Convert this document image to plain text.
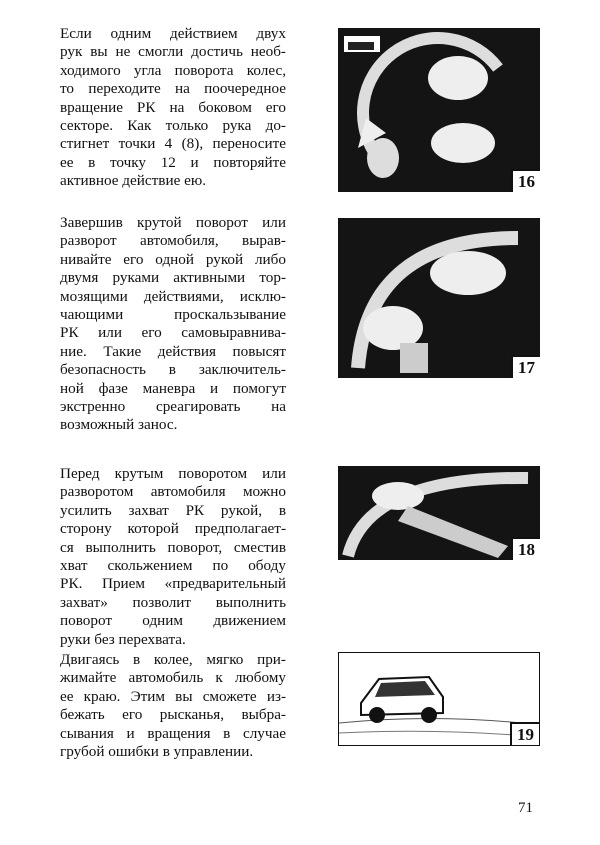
Если одним действием двух
рук вы не смогли достичь необ-
ходимого угла поворота колес,
то переходите на поочередное
вращение РК на боковом его
секторе. Как только рука до-
стигнет точки 4 (8), переносите
ее в точку 12 и повторяйте
активное действие ею.
Завершив крутой поворот или
разворот автомобиля, вырав-
нивайте его одной рукой либо
двумя руками активными тор-
мозящими действиями, исклю-
чающими проскальзывание
РК или его самовыравнива-
ние. Такие действия повысят
безопасность в заключитель-
ной фазе маневра и помогут
экстренно среагировать на
возможный занос.
Перед крутым поворотом или
разворотом автомобиля можно
усилить захват РК рукой, в
сторону которой предполагает-
ся выполнить поворот, сместив
хват скольжением по ободу
РК. Прием «предварительный
захват» позволит выполнить
поворот одним движением
руки без перехвата.
Двигаясь в колее, мягко при-
жимайте автомобиль к любому
ее краю. Этим вы сможете из-
бежать его рысканья, выбра-
сывания и вращения в случае
грубой ошибки в управлении.
16
17
18
19
71
